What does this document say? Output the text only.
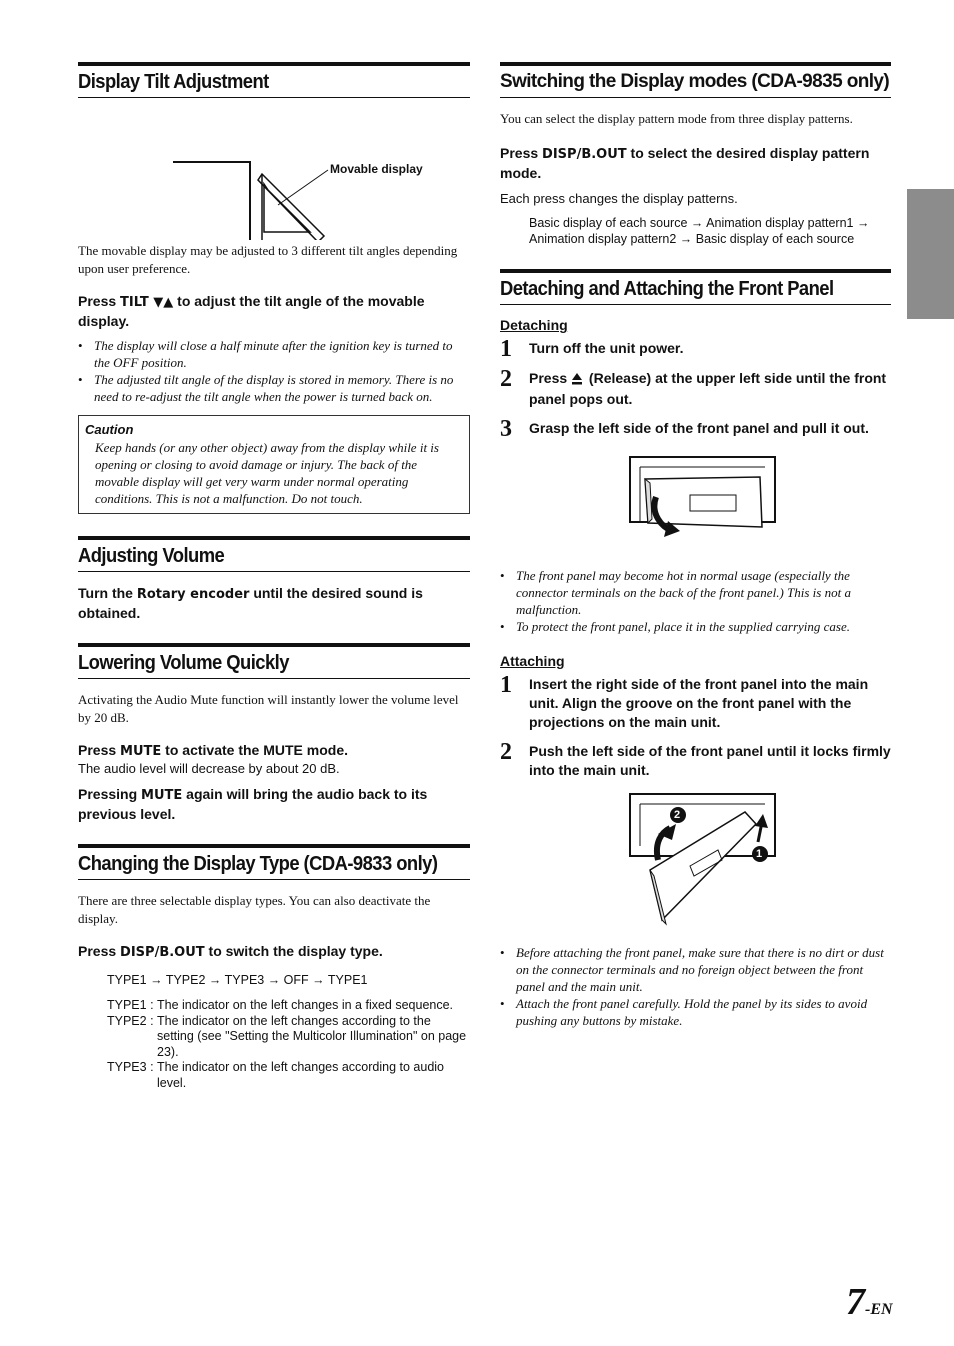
Display Tilt Adjustment
Movable display

The movable display may be adjusted to 3 different tilt angles depending upon user preference.

Press TILT ▼▲ to adjust the tilt angle of the movable display.

• The display will close a half minute after the ignition key is turned to the OFF position.
• The adjusted tilt angle of the display is stored in memory. There is no need to re-adjust the tilt angle when the power is turned back on.

Caution

Keep hands (or any other object) away from the display while it is opening or closing to avoid damage or injury. The back of the movable display will get very warm under normal operating conditions. This is not a malfunction. Do not touch.

Adjusting Volume

Turn the Rotary encoder until the desired sound is obtained.

Lowering Volume Quickly

Activating the Audio Mute function will instantly lower the volume level by 20 dB.

Press MUTE to activate the MUTE mode.

The audio level will decrease by about 20 dB.

Pressing MUTE again will bring the audio back to its previous level.

Changing the Display Type (CDA-9833 only)

There are three selectable display types. You can also deactivate the display.

Press DISP/B.OUT to switch the display type.

TYPE1 → TYPE2 → TYPE3 → OFF → TYPE1

TYPE1 : The indicator on the left changes in a fixed sequence.
TYPE2 : The indicator on the left changes according to the setting (see "Setting the Multicolor Illumination" on page 23).
TYPE3 : The indicator on the left changes according to audio level.
Switching the Display modes (CDA-9835 only)

You can select the display pattern mode from three display patterns.

Press DISP/B.OUT to select the desired display pattern mode.

Each press changes the display patterns.

Basic display of each source → Animation display pattern1 → Animation display pattern2 → Basic display of each source

Detaching and Attaching the Front Panel

Detaching

1	Turn off the unit power.
2	Press  (Release) at the upper left side until the front panel pops out.
3	Grasp the left side of the front panel and pull it out.
• The front panel may become hot in normal usage (especially the connector terminals on the back of the front panel.) This is not a malfunction.
• To protect the front panel, place it in the supplied carrying case.

Attaching

1	Insert the right side of the front panel into the main unit. Align the groove on the front panel with the projections on the main unit.
2	Push the left side of the front panel until it locks firmly into the main unit.
2
1
• Before attaching the front panel, make sure that there is no dirt or dust on the connector terminals and no foreign object between the front panel and the main unit.
• Attach the front panel carefully. Hold the panel by its sides to avoid pushing any buttons by mistake.
7-EN
